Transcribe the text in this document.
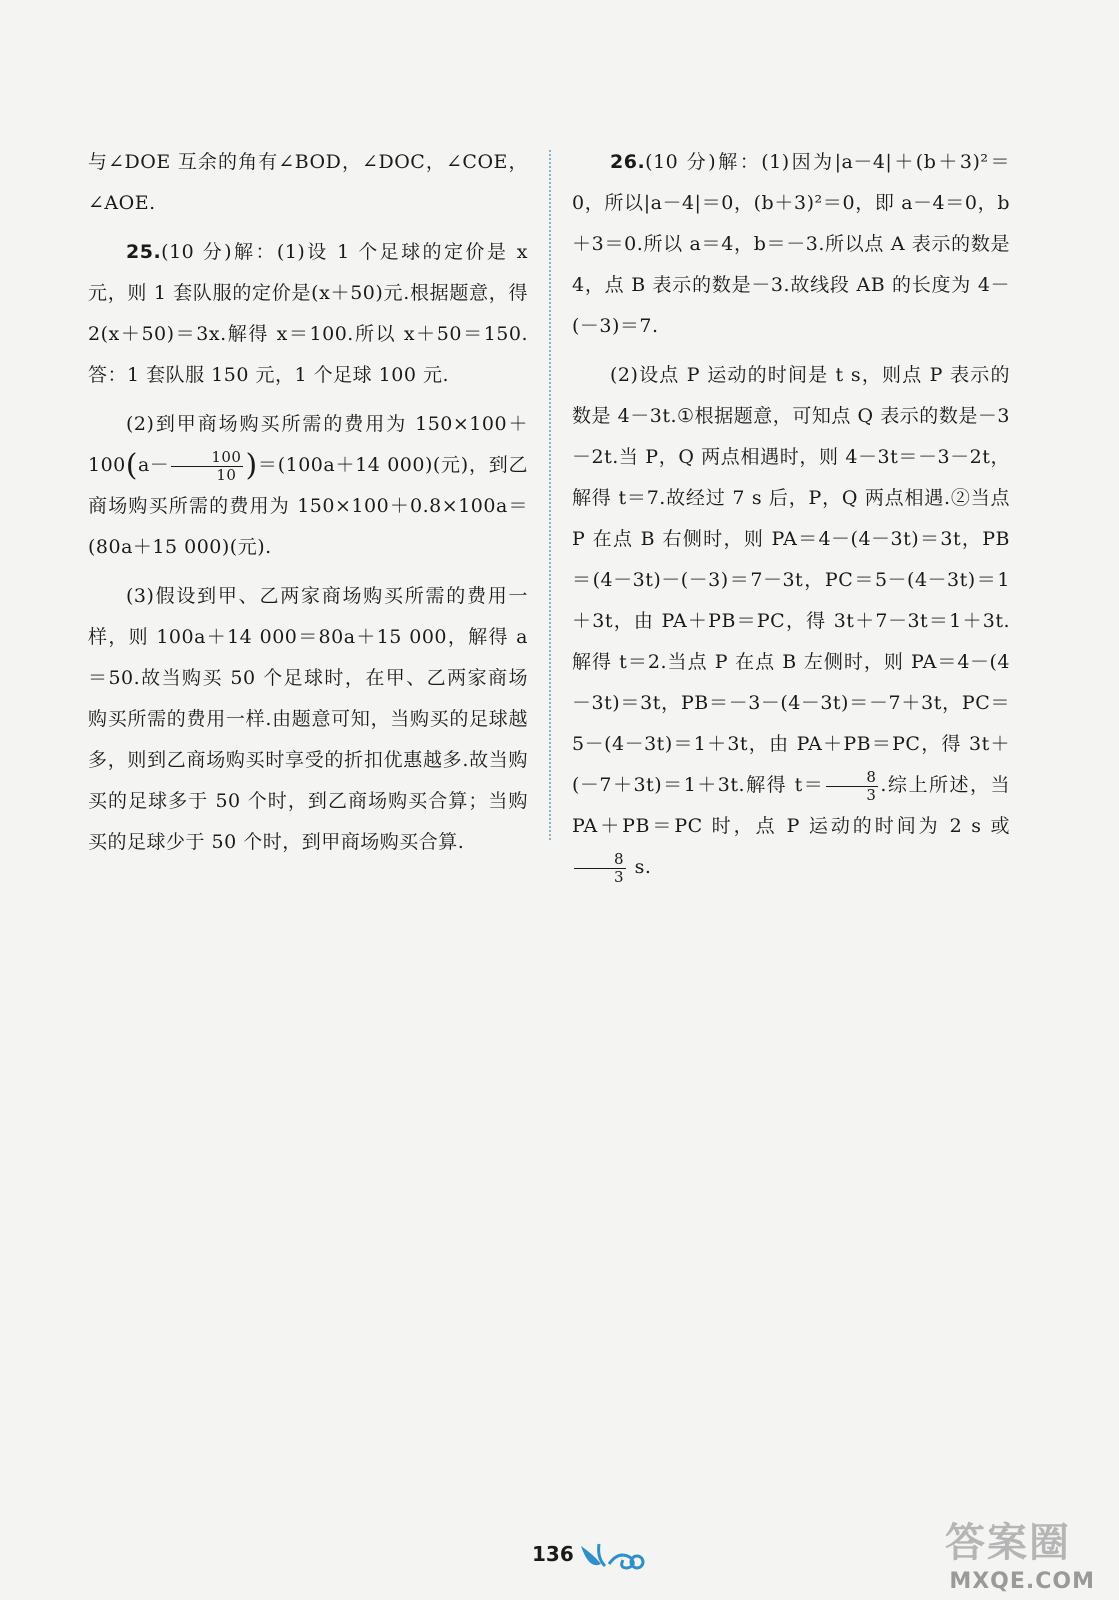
与∠DOE 互余的角有∠BOD，∠DOC，∠COE，∠AOE.

25.(10 分)解：(1)设 1 个足球的定价是 x 元，则 1 套队服的定价是(x＋50)元.根据题意，得 2(x＋50)＝3x.解得 x＝100.所以 x＋50＝150.答：1 套队服 150 元，1 个足球 100 元.

(2)到甲商场购买所需的费用为 $150\times 100+100(a- \frac{100}{10} )=(100a+14$ 000)(元)，到乙商场购买所需的费用为 150×100＋0.8×100a＝(80a＋15 000)(元).

(3)假设到甲、乙两家商场购买所需的费用一样，则 100a＋14 000＝80a＋15 000，解得 a＝50.故当购买 50 个足球时，在甲、乙两家商场购买所需的费用一样.由题意可知，当购买的足球越多，则到乙商场购买时享受的折扣优惠越多.故当购买的足球多于 50 个时，到乙商场购买合算；当购买的足球少于 50 个时，到甲商场购买合算.

26.(10 分)解：(1)因为|a－4|＋(b＋3)²＝0，所以|a－4|＝0，(b＋3)²＝0，即 a－4＝0，b＋3＝0.所以 a＝4，b＝－3.所以点 A 表示的数是 4，点 B 表示的数是－3.故线段 AB 的长度为 4－(－3)＝7.

(2)设点 P 运动的时间是 t s，则点 P 表示的数是 4－3t.①根据题意，可知点 Q 表示的数是－3－2t.当 P，Q 两点相遇时，则 4－3t＝－3－2t，解得 t＝7.故经过 7 s 后，P，Q 两点相遇.②当点 P 在点 B 右侧时，则 PA＝4－(4－3t)＝3t，PB＝(4－3t)－(－3)＝7－3t，PC＝5－(4－3t)＝1＋3t，由 PA＋PB＝PC，得 3t＋7－3t＝1＋3t.解得 t＝2.当点 P 在点 B 左侧时，则 PA＝4－(4－3t)＝3t，PB＝－3－(4－3t)＝－7＋3t，PC＝5－(4－3t)＝1＋3t，由 PA＋PB＝PC，得 3t＋(－7＋3t)＝1＋3t.解得 $t= \frac{8}{3}$ .综上所述，当 PA＋PB＝PC 时，点 P 运动的时间为 2 s 或
$\frac{8}{3} s$.

136	答案圈
MXQE.COM
